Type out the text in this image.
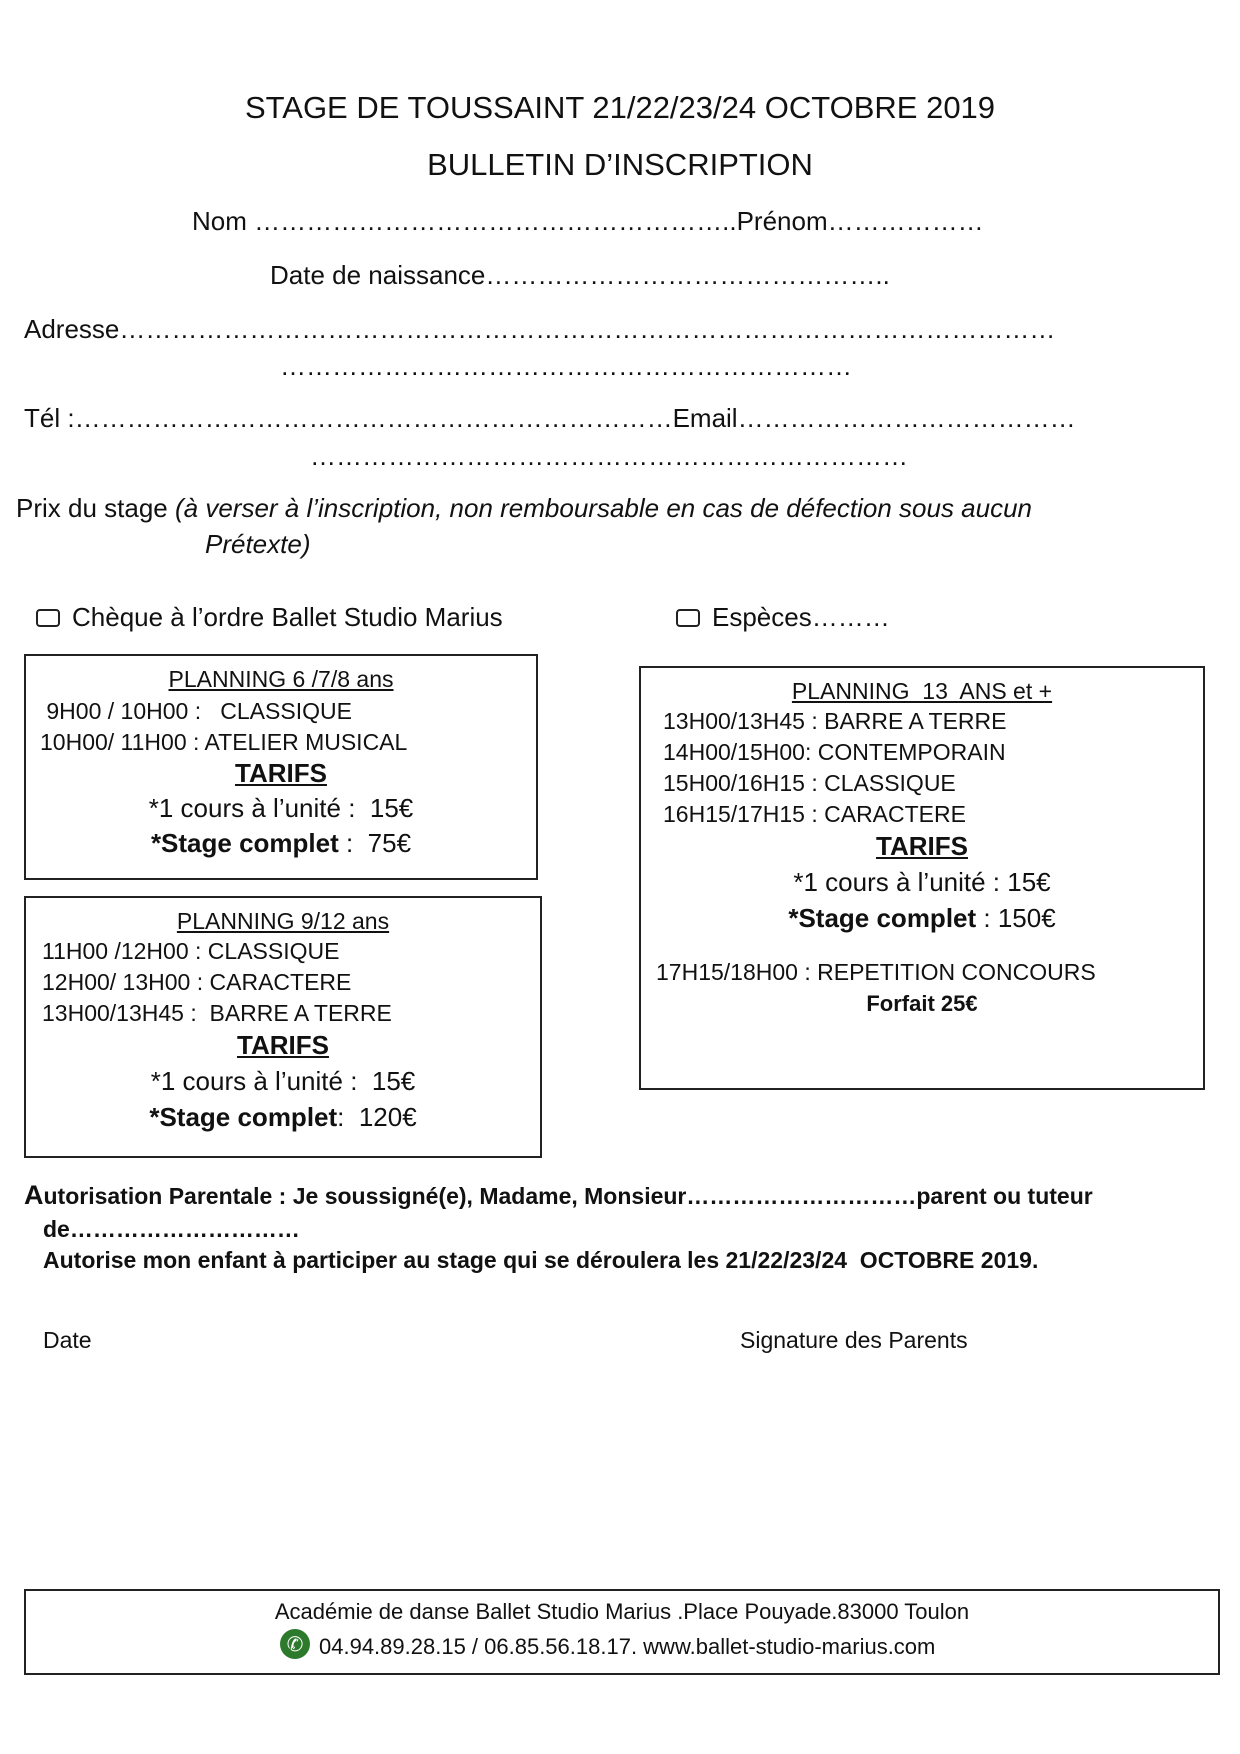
STAGE DE TOUSSAINT 21/22/23/24 OCTOBRE 2019
BULLETIN D’INSCRIPTION
Nom ………………………………………………..Prénom………………
Date de naissance………………………………………..
Adresse………………………………………………………………………………………………
…………………………………………………………
Tél :……………………………………………………………Email…………………………………
……………………………………………………………
Prix du stage (à verser à l’inscription, non remboursable en cas de défection sous aucun
Prétexte)
Chèque à l’ordre Ballet Studio Marius	Espèces………
PLANNING 6 /7/8 ans
9H00 / 10H00 :   CLASSIQUE
10H00/ 11H00 : ATELIER MUSICAL
TARIFS
*1 cours à l’unité :  15€
*Stage complet :  75€
PLANNING 9/12 ans
11H00 /12H00 : CLASSIQUE
12H00/ 13H00 : CARACTERE
13H00/13H45 :  BARRE A TERRE
TARIFS
*1 cours à l’unité :  15€
*Stage complet:  120€
PLANNING  13  ANS et +
13H00/13H45 : BARRE A TERRE
14H00/15H00: CONTEMPORAIN
15H00/16H15 : CLASSIQUE
16H15/17H15 : CARACTERE
TARIFS
*1 cours à l’unité : 15€
*Stage complet : 150€
17H15/18H00 : REPETITION CONCOURS
Forfait 25€
Autorisation Parentale : Je soussigné(e), Madame, Monsieur…………………………parent ou tuteur
de…………………………
Autorise mon enfant à participer au stage qui se déroulera les 21/22/23/24  OCTOBRE 2019.
Date	Signature des Parents
Académie de danse Ballet Studio Marius .Place Pouyade.83000 Toulon
✆ 04.94.89.28.15 / 06.85.56.18.17. www.ballet-studio-marius.com
